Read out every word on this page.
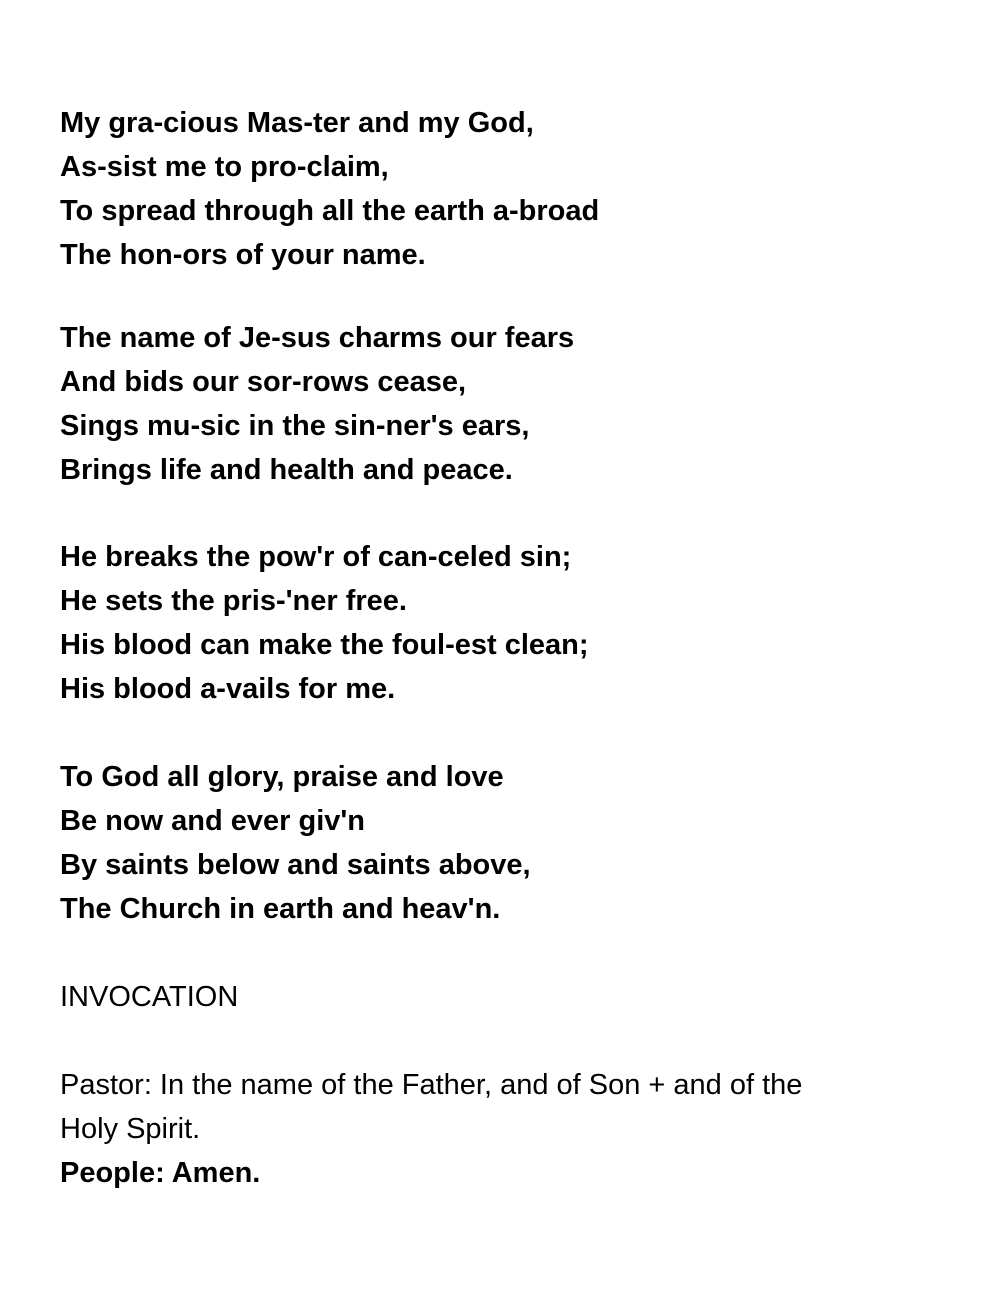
My gra-cious Mas-ter and my God,
As-sist me to pro-claim,
To spread through all the earth a-broad
The hon-ors of your name.
The name of Je-sus charms our fears
And bids our sor-rows cease,
Sings mu-sic in the sin-ner's ears,
Brings life and health and peace.
He breaks the pow'r of can-celed sin;
He sets the pris-'ner free.
His blood can make the foul-est clean;
His blood a-vails for me.
To God all glory, praise and love
Be now and ever giv'n
By saints below and saints above,
The Church in earth and heav'n.
INVOCATION
Pastor: In the name of the Father, and of Son + and of the
Holy Spirit.
People: Amen.
